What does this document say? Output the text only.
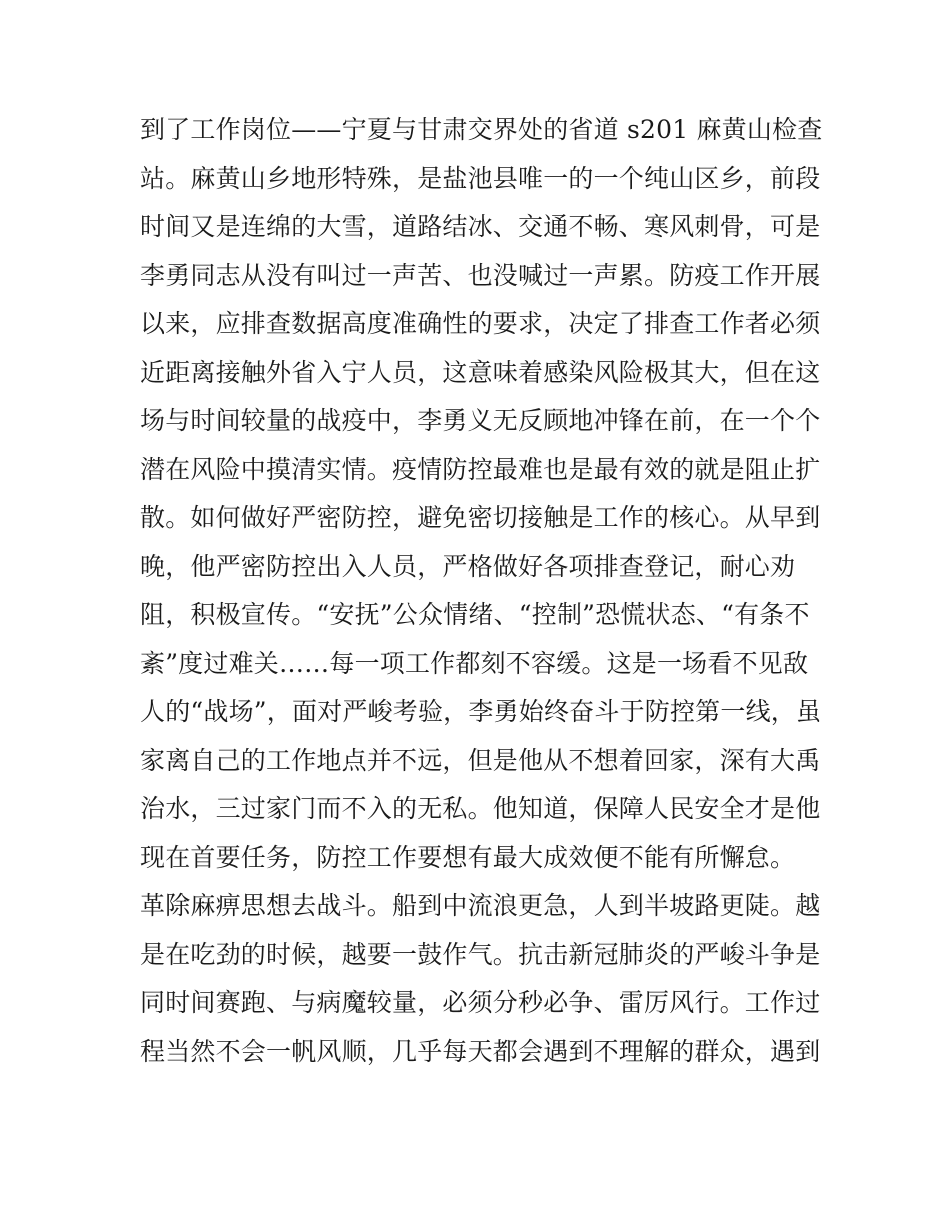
到了工作岗位——宁夏与甘肃交界处的省道 s201 麻黄山检查
站。麻黄山乡地形特殊，是盐池县唯一的一个纯山区乡，前段
时间又是连绵的大雪，道路结冰、交通不畅、寒风刺骨，可是
李勇同志从没有叫过一声苦、也没喊过一声累。防疫工作开展
以来，应排查数据高度准确性的要求，决定了排查工作者必须
近距离接触外省入宁人员，这意味着感染风险极其大，但在这
场与时间较量的战疫中，李勇义无反顾地冲锋在前，在一个个
潜在风险中摸清实情。疫情防控最难也是最有效的就是阻止扩
散。如何做好严密防控，避免密切接触是工作的核心。从早到
晚，他严密防控出入人员，严格做好各项排查登记，耐心劝
阻，积极宣传。“安抚”公众情绪、“控制”恐慌状态、“有条不
紊”度过难关……每一项工作都刻不容缓。这是一场看不见敌
人的“战场”，面对严峻考验，李勇始终奋斗于防控第一线，虽
家离自己的工作地点并不远，但是他从不想着回家，深有大禹
治水，三过家门而不入的无私。他知道，保障人民安全才是他
现在首要任务，防控工作要想有最大成效便不能有所懈怠。
革除麻痹思想去战斗。船到中流浪更急，人到半坡路更陡。越
是在吃劲的时候，越要一鼓作气。抗击新冠肺炎的严峻斗争是
同时间赛跑、与病魔较量，必须分秒必争、雷厉风行。工作过
程当然不会一帆风顺，几乎每天都会遇到不理解的群众，遇到
